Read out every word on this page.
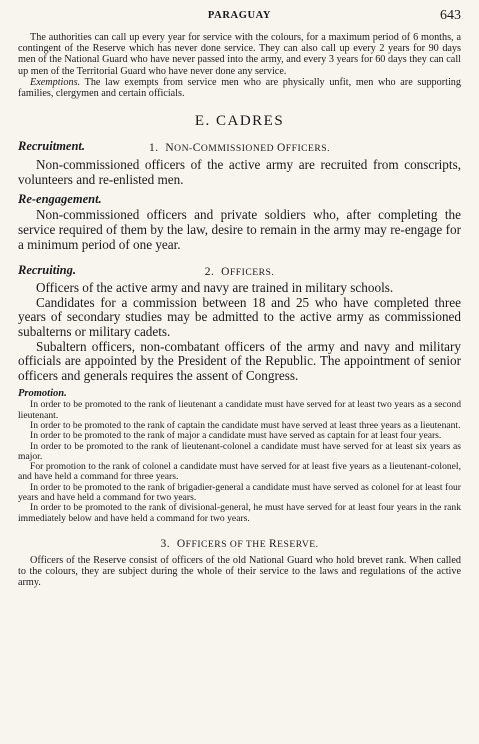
PARAGUAY	643

The authorities can call up every year for service with the colours, for a maximum period of 6 months, a contingent of the Reserve which has never done service. They can also call up every 2 years for 90 days men of the National Guard who have never passed into the army, and every 3 years for 60 days they can call up men of the Territorial Guard who have never done any service.

Exemptions. The law exempts from service men who are physically unfit, men who are supporting families, clergymen and certain officials.

E. CADRES
Recruitment.	1. NON-COMMISSIONED OFFICERS.

Non-commissioned officers of the active army are recruited from conscripts, volunteers and re-enlisted men.

Re-engagement.

Non-commissioned officers and private soldiers who, after completing the service required of them by the law, desire to remain in the army may re-engage for a minimum period of one year.

Recruiting.	2. OFFICERS.

Officers of the active army and navy are trained in military schools.

Candidates for a commission between 18 and 25 who have completed three years of secondary studies may be admitted to the active army as commissioned subalterns or military cadets.

Subaltern officers, non-combatant officers of the army and navy and military officials are appointed by the President of the Republic. The appointment of senior officers and generals requires the assent of Congress.

Promotion.

In order to be promoted to the rank of lieutenant a candidate must have served for at least two years as a second lieutenant.

In order to be promoted to the rank of captain the candidate must have served at least three years as a lieutenant.

In order to be promoted to the rank of major a candidate must have served as captain for at least four years.

In order to be promoted to the rank of lieutenant-colonel a candidate must have served for at least six years as major.

For promotion to the rank of colonel a candidate must have served for at least five years as a lieutenant-colonel, and have held a command for three years.

In order to be promoted to the rank of brigadier-general a candidate must have served as colonel for at least four years and have held a command for two years.

In order to be promoted to the rank of divisional-general, he must have served for at least four years in the rank immediately below and have held a command for two years.

3. OFFICERS OF THE RESERVE.

Officers of the Reserve consist of officers of the old National Guard who hold brevet rank. When called to the colours, they are subject during the whole of their service to the laws and regulations of the active army.
